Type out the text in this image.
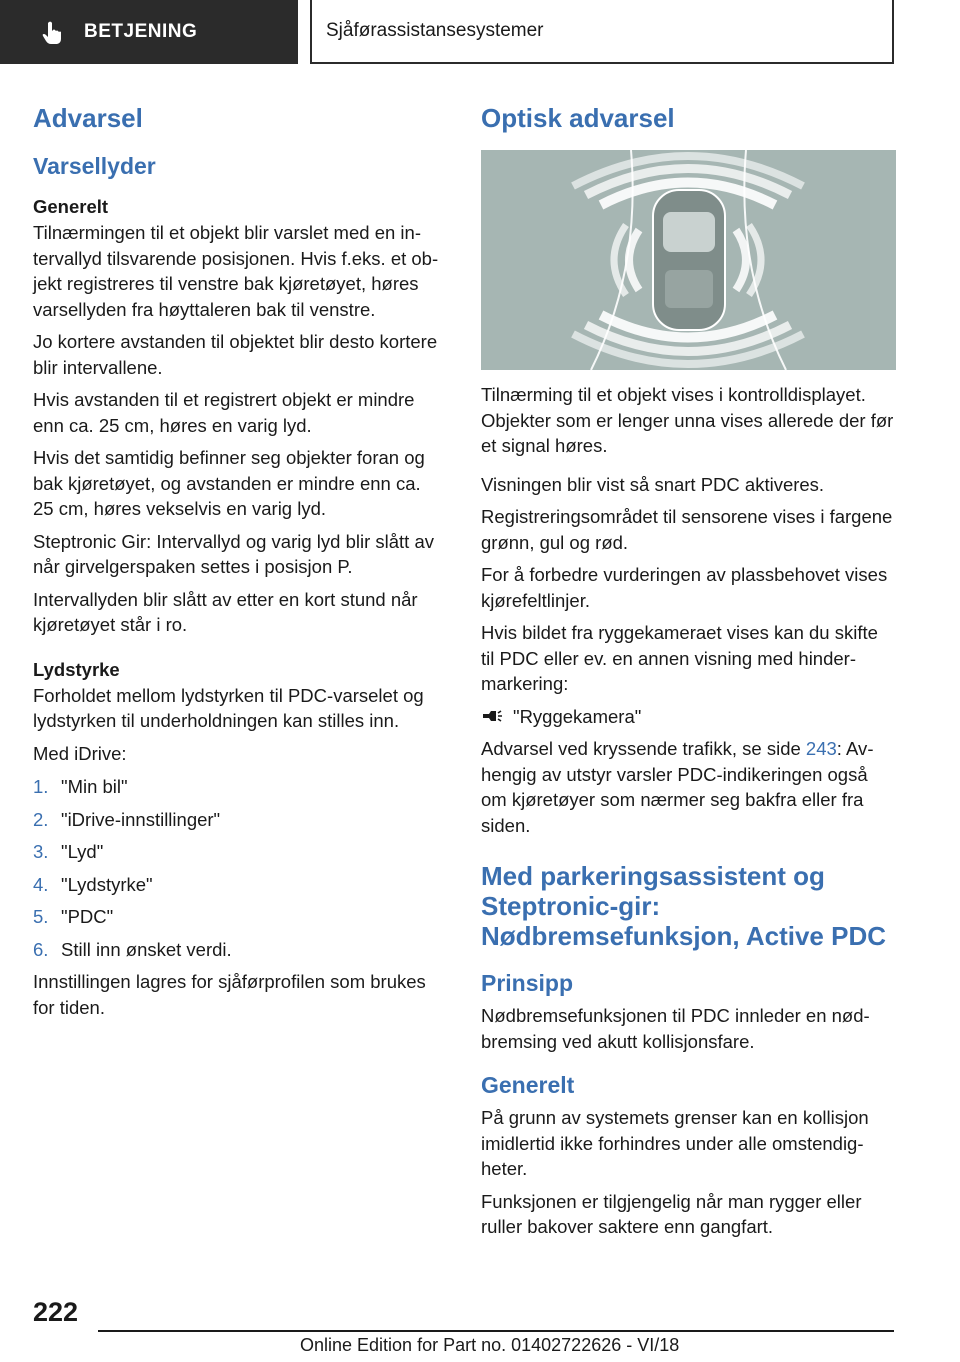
BETJENING	Sjåførassistansesystemer
Advarsel
Varsellyder
Generelt

Tilnærmingen til et objekt blir varslet med en intervallyd tilsvarende posisjonen. Hvis f.eks. et objekt registreres til venstre bak kjøretøyet, høres varsellyden fra høyttaleren bak til venstre.

Jo kortere avstanden til objektet blir desto kortere blir intervallene.

Hvis avstanden til et registrert objekt er mindre enn ca. 25 cm, høres en varig lyd.

Hvis det samtidig befinner seg objekter foran og bak kjøretøyet, og avstanden er mindre enn ca. 25 cm, høres vekselvis en varig lyd.

Steptronic Gir: Intervallyd og varig lyd blir slått av når girvelgerspaken settes i posisjon P.

Intervallyden blir slått av etter en kort stund når kjøretøyet står i ro.

Lydstyrke

Forholdet mellom lydstyrken til PDC-varselet og lydstyrken til underholdningen kan stilles inn.

Med iDrive:

1. "Min bil"
2. "iDrive-innstillinger"
3. "Lyd"
4. "Lydstyrke"
5. "PDC"
6. Still inn ønsket verdi.

Innstillingen lagres for sjåførprofilen som brukes for tiden.

Optisk advarsel

Tilnærming til et objekt vises i kontrolldisplayet. Objekter som er lenger unna vises allerede der før et signal høres.

Visningen blir vist så snart PDC aktiveres.

Registreringsområdet til sensorene vises i fargene grønn, gul og rød.

For å forbedre vurderingen av plassbehovet vises kjørefeltlinjer.

Hvis bildet fra ryggekameraet vises kan du skifte til PDC eller ev. en annen visning med hindermarkering:

"Ryggekamera"

Advarsel ved kryssende trafikk, se side 243: Avhengig av utstyr varsler PDC-indikeringen også om kjøretøyer som nærmer seg bakfra eller fra siden.

Med parkeringsassistent og Steptronic-gir: Nødbremsefunksjon, Active PDC
Prinsipp

Nødbremsefunksjonen til PDC innleder en nødbremsing ved akutt kollisjonsfare.

Generelt

På grunn av systemets grenser kan en kollisjon imidlertid ikke forhindres under alle omstendigheter.

Funksjonen er tilgjengelig når man rygger eller ruller bakover saktere enn gangfart.

222
Online Edition for Part no. 01402722626 - VI/18
